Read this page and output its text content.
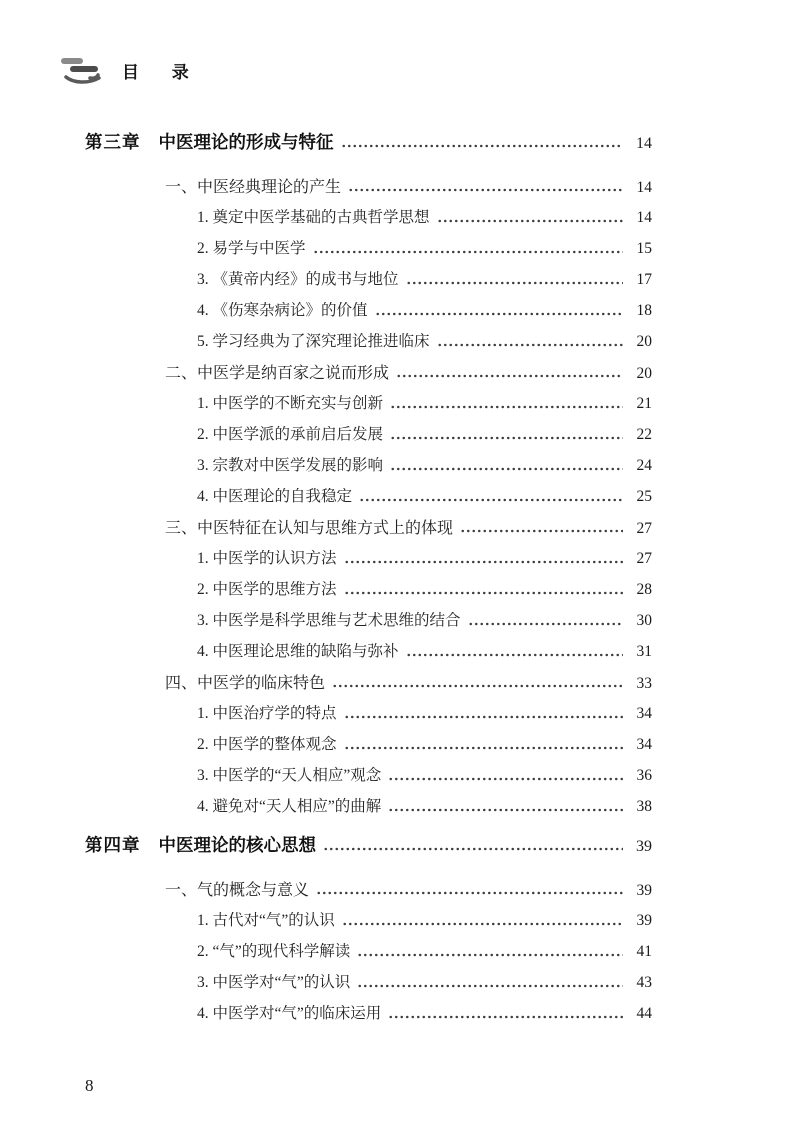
目 录
第三章 中医理论的形成与特征	14
一、中医经典理论的产生	14
1. 奠定中医学基础的古典哲学思想	14
2. 易学与中医学	15
3. 《黄帝内经》的成书与地位	17
4. 《伤寒杂病论》的价值	18
5. 学习经典为了深究理论推进临床	20
二、中医学是纳百家之说而形成	20
1. 中医学的不断充实与创新	21
2. 中医学派的承前启后发展	22
3. 宗教对中医学发展的影响	24
4. 中医理论的自我稳定	25
三、中医特征在认知与思维方式上的体现	27
1. 中医学的认识方法	27
2. 中医学的思维方法	28
3. 中医学是科学思维与艺术思维的结合	30
4. 中医理论思维的缺陷与弥补	31
四、中医学的临床特色	33
1. 中医治疗学的特点	34
2. 中医学的整体观念	34
3. 中医学的“天人相应”观念	36
4. 避免对“天人相应”的曲解	38
第四章 中医理论的核心思想	39
一、气的概念与意义	39
1. 古代对“气”的认识	39
2. “气”的现代科学解读	41
3. 中医学对“气”的认识	43
4. 中医学对“气”的临床运用	44
8
